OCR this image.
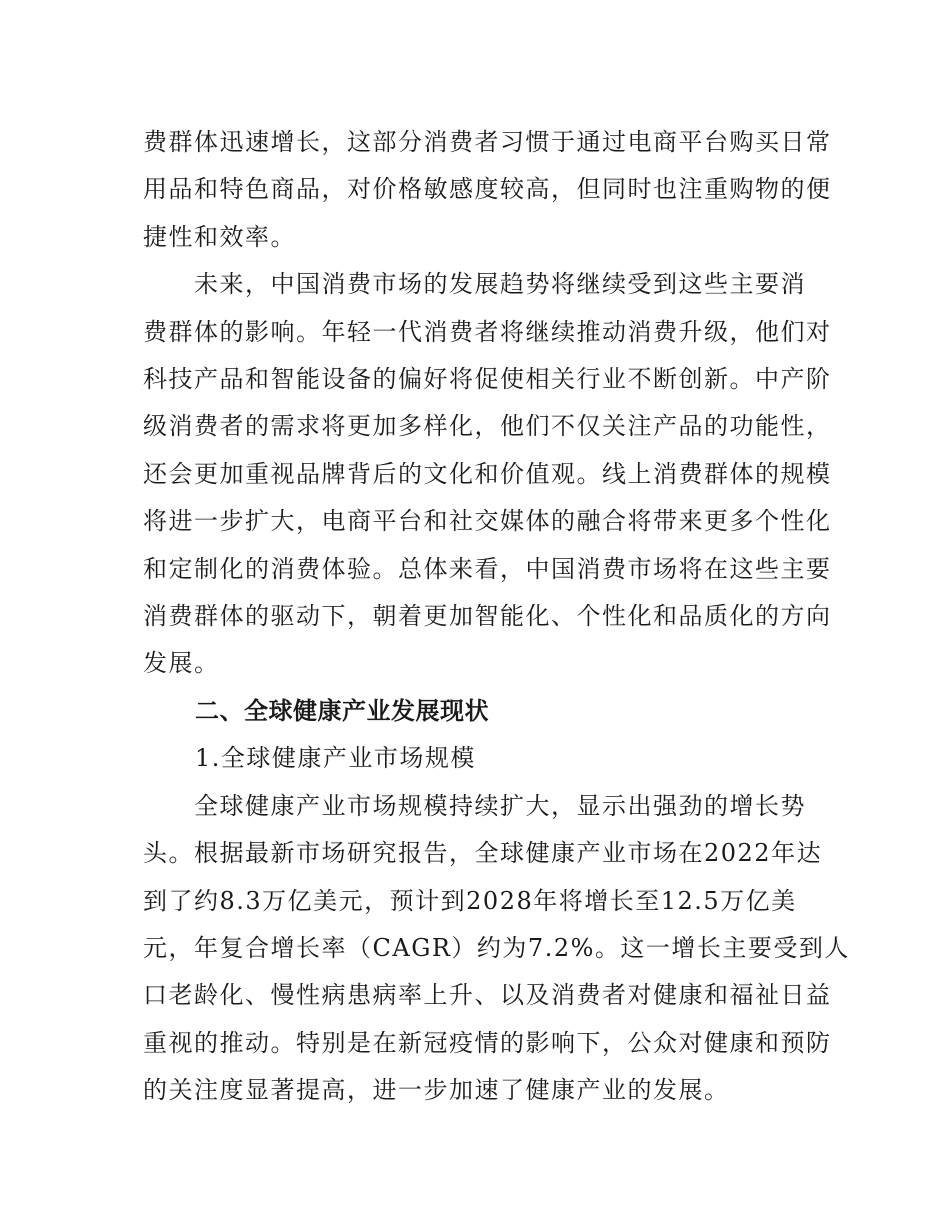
费群体迅速增长，这部分消费者习惯于通过电商平台购买日常
用品和特色商品，对价格敏感度较高，但同时也注重购物的便
捷性和效率。
　　未来，中国消费市场的发展趋势将继续受到这些主要消
费群体的影响。年轻一代消费者将继续推动消费升级，他们对
科技产品和智能设备的偏好将促使相关行业不断创新。中产阶
级消费者的需求将更加多样化，他们不仅关注产品的功能性，
还会更加重视品牌背后的文化和价值观。线上消费群体的规模
将进一步扩大，电商平台和社交媒体的融合将带来更多个性化
和定制化的消费体验。总体来看，中国消费市场将在这些主要
消费群体的驱动下，朝着更加智能化、个性化和品质化的方向
发展。
二、全球健康产业发展现状
1.全球健康产业市场规模
　　全球健康产业市场规模持续扩大，显示出强劲的增长势
头。根据最新市场研究报告，全球健康产业市场在2022年达
到了约8.3万亿美元，预计到2028年将增长至12.5万亿美
元，年复合增长率（CAGR）约为7.2%。这一增长主要受到人
口老龄化、慢性病患病率上升、以及消费者对健康和福祉日益
重视的推动。特别是在新冠疫情的影响下，公众对健康和预防
的关注度显著提高，进一步加速了健康产业的发展。
